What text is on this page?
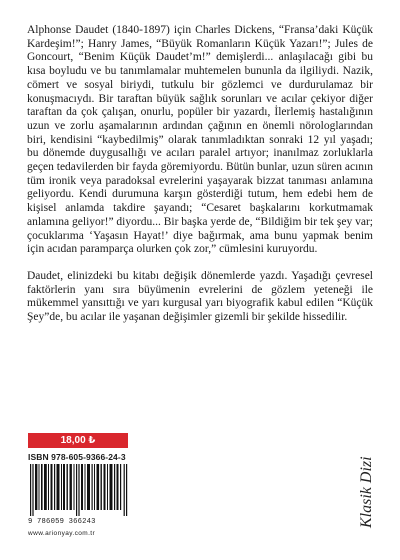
Alphonse Daudet (1840-1897) için Charles Dickens, “Fransa’daki Küçük Kardeşim!”; Hanry James, “Büyük Romanların Küçük Yazarı!”; Jules de Goncourt, “Benim Küçük Daudet’m!” demişlerdi... anlaşılacağı gibi bu kısa boyludu ve bu tanımlamalar muhtemelen bununla da ilgiliydi. Nazik, cömert ve sosyal biriydi, tutkulu bir gözlemci ve durdurulamaz bir konuşmacıydı. Bir taraftan büyük sağlık sorunları ve acılar çekiyor diğer taraftan da çok çalışan, onurlu, popüler bir yazardı, İlerlemiş hastalığının uzun ve zorlu aşamalarının ardından çağının en önemli nörologlarından biri, kendisini “kaybedilmiş” olarak tanımladıktan sonraki 12 yıl yaşadı; bu dönemde duygusallığı ve acıları paralel artıyor; inanılmaz zorluklarla geçen tedavilerden bir fayda göremiyordu. Bütün bunlar, uzun süren acının tüm ironik veya paradoksal evrelerini yaşayarak bizzat tanıması anlamına geliyordu. Kendi durumuna karşın gösterdiği tutum, hem edebi hem de kişisel anlamda takdire şayandı; “Cesaret başkalarını korkutmamak anlamına geliyor!” diyordu... Bir başka yerde de, “Bildiğim bir tek şey var; çocuklarıma ‘Yaşasın Hayat!’ diye bağırmak, ama bunu yapmak benim için acıdan paramparça olurken çok zor,” cümlesini kuruyordu.

Daudet, elinizdeki bu kitabı değişik dönemlerde yazdı. Yaşadığı çevresel faktörlerin yanı sıra büyümenin evrelerini de gözlem yeteneği ile mükemmel yansıttığı ve yarı kurgusal yarı biyografik kabul edilen “Küçük Şey”de, bu acılar ile yaşanan değişimler gizemli bir şekilde hissedilir.

18,00 ₺
ISBN 978-605-9366-24-3
9 786059 366243
www.arionyay.com.tr
Klasik Dizi
